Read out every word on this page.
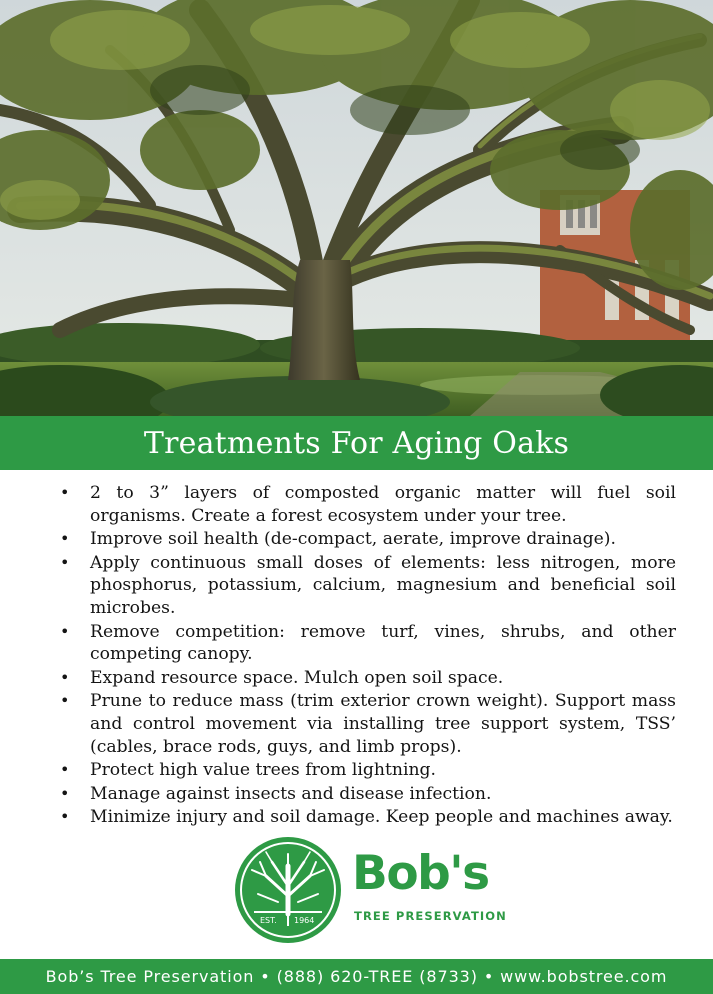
Treatments For Aging Oaks
• 2 to 3” layers of composted organic matter will fuel soil organisms. Create a forest ecosystem under your tree.
• Improve soil health (de-compact, aerate, improve drainage).
• Apply continuous small doses of elements: less nitrogen, more phosphorus, potassium, calcium, magnesium and beneficial soil microbes.
• Remove competition: remove turf, vines, shrubs, and other competing canopy.
• Expand resource space. Mulch open soil space.
• Prune to reduce mass (trim exterior crown weight). Support mass and control movement via installing tree support system, TSS’ (cables, brace rods, guys, and limb props).
• Protect high value trees from lightning.
• Manage against insects and disease infection.
• Minimize injury and soil damage. Keep people and machines away.
EST. 1964
Bob's
TREE PRESERVATION
Bob’s Tree Preservation • (888) 620-TREE (8733) • www.bobstree.com
